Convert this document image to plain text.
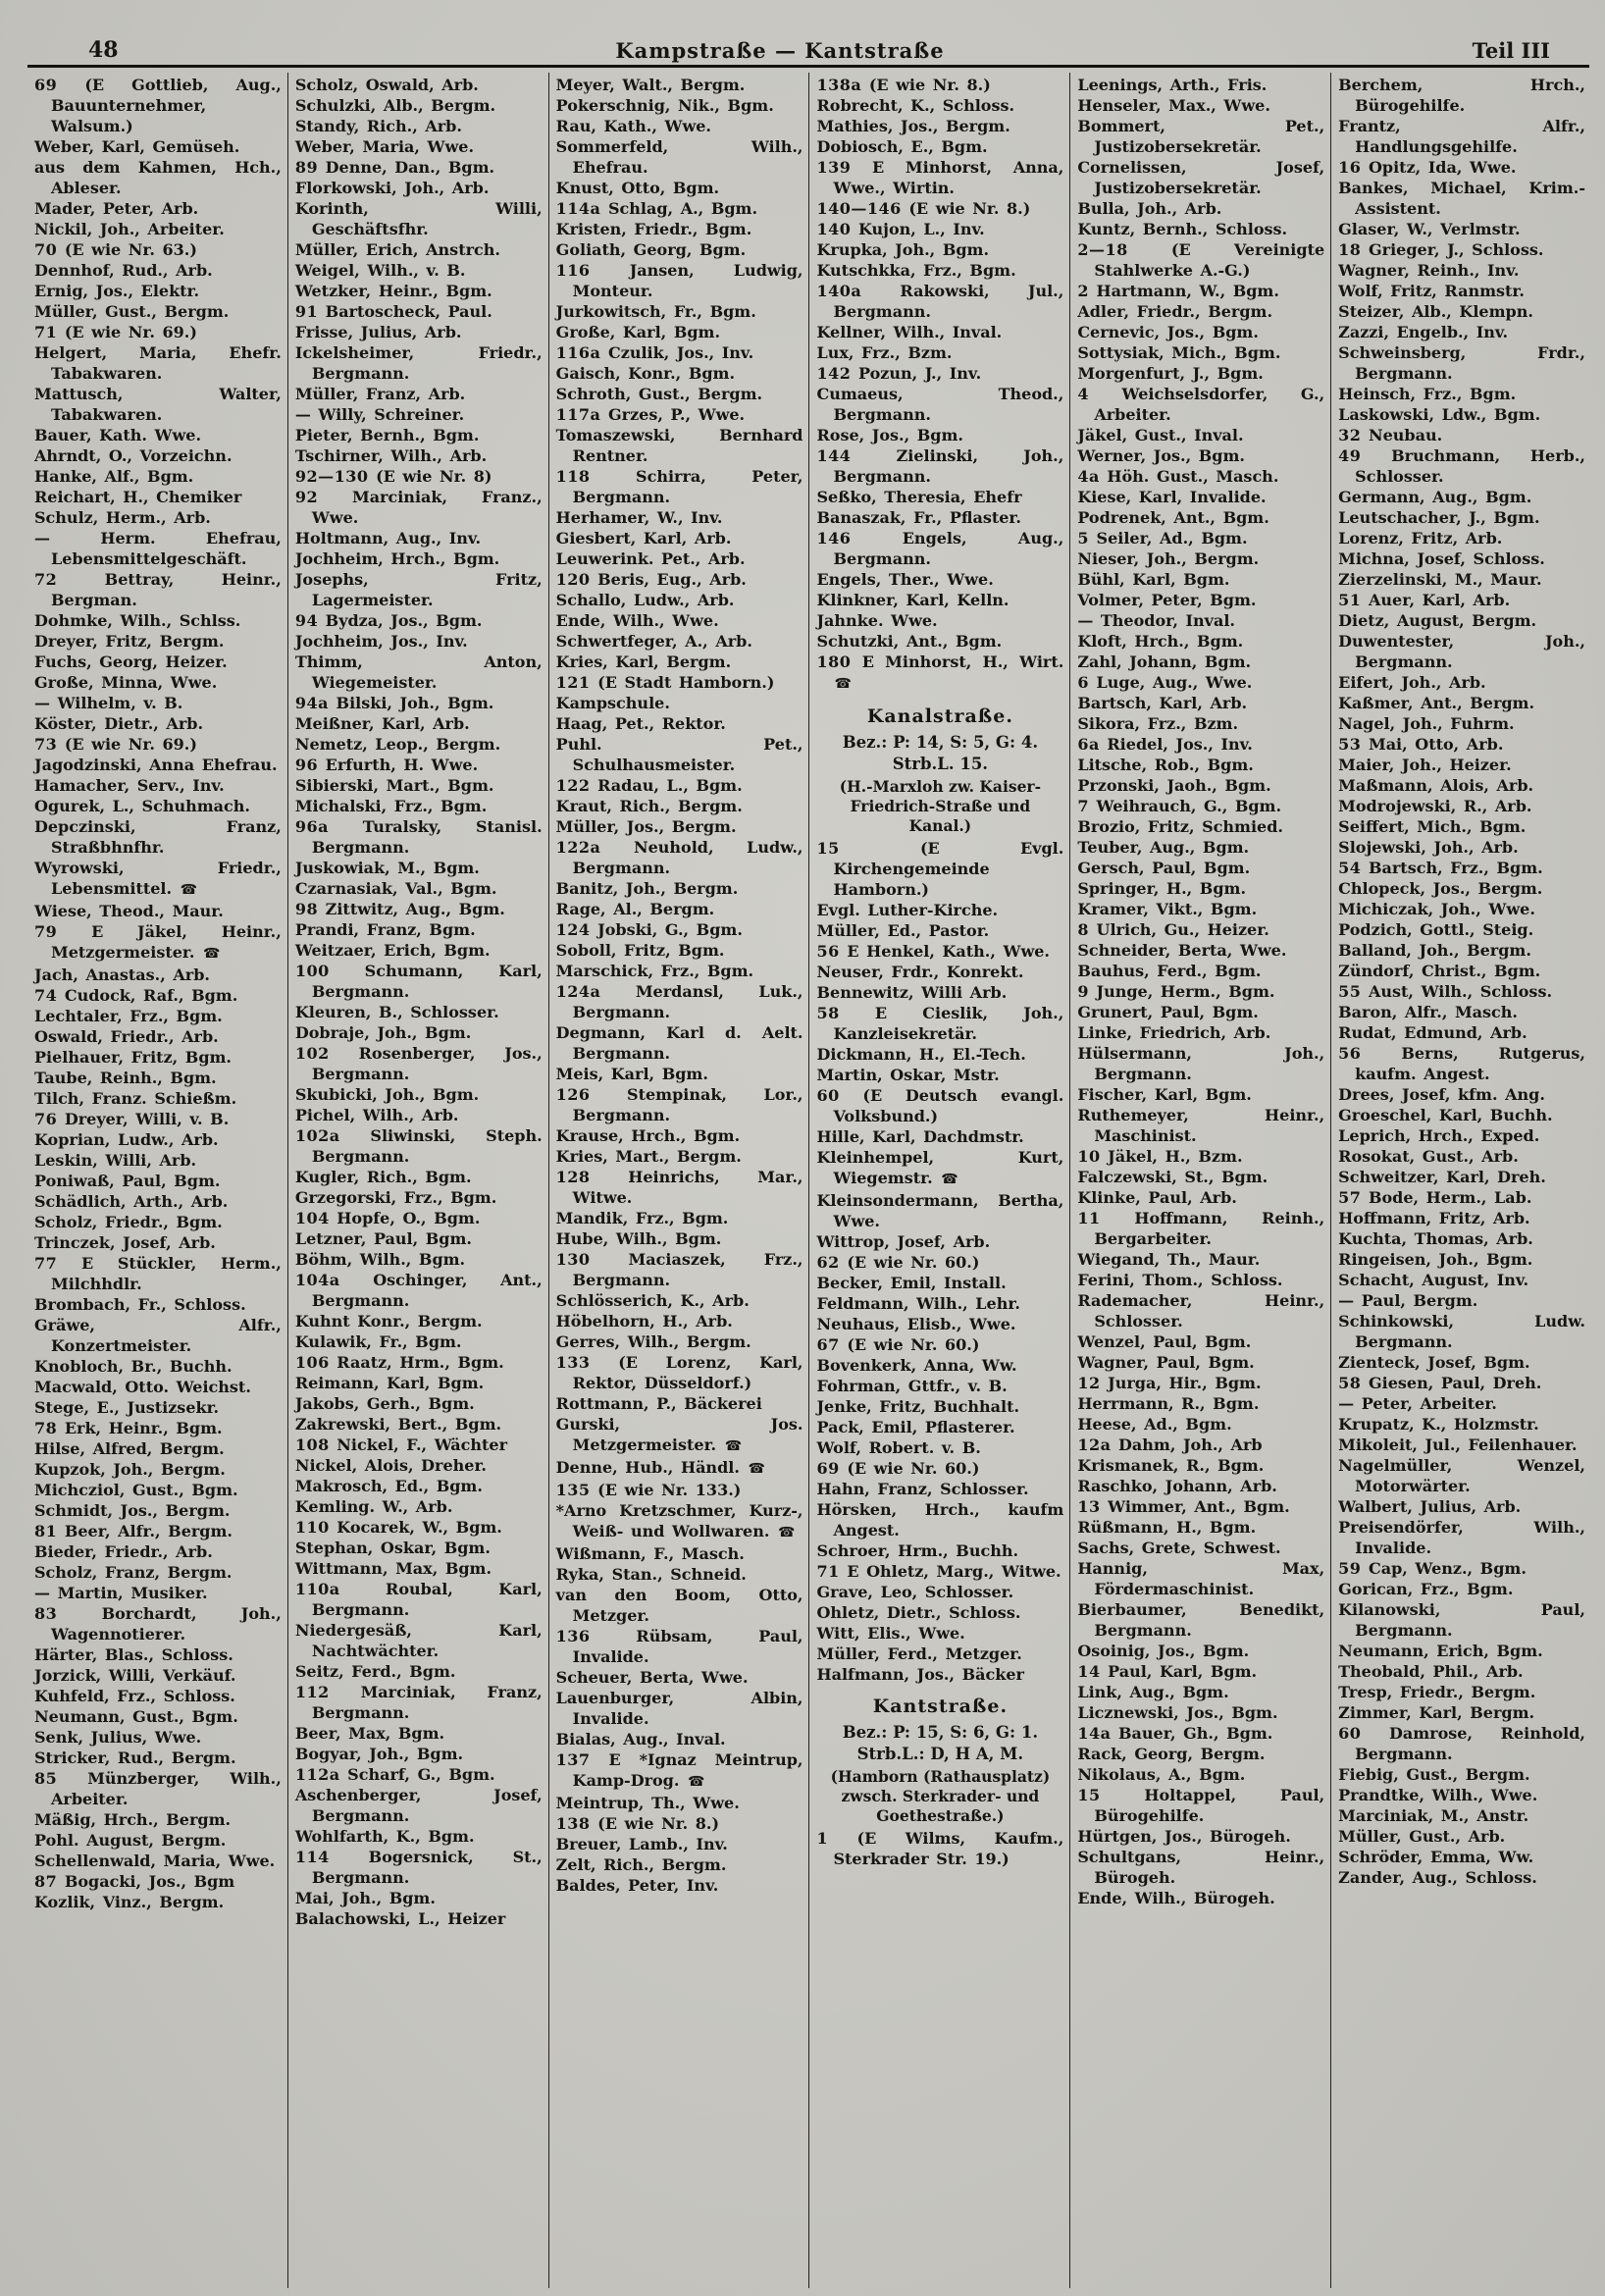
48	Kampstraße — Kantstraße	Teil III

69 (E Gottlieb, Aug., Bauunternehmer, Walsum.)

Weber, Karl, Gemüseh.

aus dem Kahmen, Hch., Ableser.

Mader, Peter, Arb.

Nickil, Joh., Arbeiter.

70 (E wie Nr. 63.)

Dennhof, Rud., Arb.

Ernig, Jos., Elektr.

Müller, Gust., Bergm.

71 (E wie Nr. 69.)

Helgert, Maria, Ehefr. Tabakwaren.

Mattusch, Walter, Tabakwaren.

Bauer, Kath. Wwe.

Ahrndt, O., Vorzeichn.

Hanke, Alf., Bgm.

Reichart, H., Chemiker

Schulz, Herm., Arb.

— Herm. Ehefrau, Lebensmittelgeschäft.

72 Bettray, Heinr., Bergman.

Dohmke, Wilh., Schlss.

Dreyer, Fritz, Bergm.

Fuchs, Georg, Heizer.

Große, Minna, Wwe.

— Wilhelm, v. B.

Köster, Dietr., Arb.

73 (E wie Nr. 69.)

Jagodzinski, Anna Ehefrau.

Hamacher, Serv., Inv.

Ogurek, L., Schuhmach.

Depczinski, Franz, Straßbhnfhr.

Wyrowski, Friedr., Lebensmittel. ☎

Wiese, Theod., Maur.

79 E Jäkel, Heinr., Metzgermeister. ☎

Jach, Anastas., Arb.

74 Cudock, Raf., Bgm.

Lechtaler, Frz., Bgm.

Oswald, Friedr., Arb.

Pielhauer, Fritz, Bgm.

Taube, Reinh., Bgm.

Tilch, Franz. Schießm.

76 Dreyer, Willi, v. B.

Koprian, Ludw., Arb.

Leskin, Willi, Arb.

Poniwaß, Paul, Bgm.

Schädlich, Arth., Arb.

Scholz, Friedr., Bgm.

Trinczek, Josef, Arb.

77 E Stückler, Herm., Milchhdlr.

Brombach, Fr., Schloss.

Gräwe, Alfr., Konzertmeister.

Knobloch, Br., Buchh.

Macwald, Otto. Weichst.

Stege, E., Justizsekr.

78 Erk, Heinr., Bgm.

Hilse, Alfred, Bergm.

Kupzok, Joh., Bergm.

Michcziol, Gust., Bgm.

Schmidt, Jos., Bergm.

81 Beer, Alfr., Bergm.

Bieder, Friedr., Arb.

Scholz, Franz, Bergm.

— Martin, Musiker.

83 Borchardt, Joh., Wagennotierer.

Härter, Blas., Schloss.

Jorzick, Willi, Verkäuf.

Kuhfeld, Frz., Schloss.

Neumann, Gust., Bgm.

Senk, Julius, Wwe.

Stricker, Rud., Bergm.

85 Münzberger, Wilh., Arbeiter.

Mäßig, Hrch., Bergm.

Pohl. August, Bergm.

Schellenwald, Maria, Wwe.

87 Bogacki, Jos., Bgm

Kozlik, Vinz., Bergm.

Scholz, Oswald, Arb.

Schulzki, Alb., Bergm.

Standy, Rich., Arb.

Weber, Maria, Wwe.

89 Denne, Dan., Bgm.

Florkowski, Joh., Arb.

Korinth, Willi, Geschäftsfhr.

Müller, Erich, Anstrch.

Weigel, Wilh., v. B.

Wetzker, Heinr., Bgm.

91 Bartoscheck, Paul.

Frisse, Julius, Arb.

Ickelsheimer, Friedr., Bergmann.

Müller, Franz, Arb.

— Willy, Schreiner.

Pieter, Bernh., Bgm.

Tschirner, Wilh., Arb.

92—130 (E wie Nr. 8)

92 Marciniak, Franz., Wwe.

Holtmann, Aug., Inv.

Jochheim, Hrch., Bgm.

Josephs, Fritz, Lagermeister.

94 Bydza, Jos., Bgm.

Jochheim, Jos., Inv.

Thimm, Anton, Wiegemeister.

94a Bilski, Joh., Bgm.

Meißner, Karl, Arb.

Nemetz, Leop., Bergm.

96 Erfurth, H. Wwe.

Sibierski, Mart., Bgm.

Michalski, Frz., Bgm.

96a Turalsky, Stanisl. Bergmann.

Juskowiak, M., Bgm.

Czarnasiak, Val., Bgm.

98 Zittwitz, Aug., Bgm.

Prandi, Franz, Bgm.

Weitzaer, Erich, Bgm.

100 Schumann, Karl, Bergmann.

Kleuren, B., Schlosser.

Dobraje, Joh., Bgm.

102 Rosenberger, Jos., Bergmann.

Skubicki, Joh., Bgm.

Pichel, Wilh., Arb.

102a Sliwinski, Steph. Bergmann.

Kugler, Rich., Bgm.

Grzegorski, Frz., Bgm.

104 Hopfe, O., Bgm.

Letzner, Paul, Bgm.

Böhm, Wilh., Bgm.

104a Oschinger, Ant., Bergmann.

Kuhnt Konr., Bergm.

Kulawik, Fr., Bgm.

106 Raatz, Hrm., Bgm.

Reimann, Karl, Bgm.

Jakobs, Gerh., Bgm.

Zakrewski, Bert., Bgm.

108 Nickel, F., Wächter

Nickel, Alois, Dreher.

Makrosch, Ed., Bgm.

Kemling. W., Arb.

110 Kocarek, W., Bgm.

Stephan, Oskar, Bgm.

Wittmann, Max, Bgm.

110a Roubal, Karl, Bergmann.

Niedergesäß, Karl, Nachtwächter.

Seitz, Ferd., Bgm.

112 Marciniak, Franz, Bergmann.

Beer, Max, Bgm.

Bogyar, Joh., Bgm.

112a Scharf, G., Bgm.

Aschenberger, Josef, Bergmann.

Wohlfarth, K., Bgm.

114 Bogersnick, St., Bergmann.

Mai, Joh., Bgm.

Balachowski, L., Heizer

Meyer, Walt., Bergm.

Pokerschnig, Nik., Bgm.

Rau, Kath., Wwe.

Sommerfeld, Wilh., Ehefrau.

Knust, Otto, Bgm.

114a Schlag, A., Bgm.

Kristen, Friedr., Bgm.

Goliath, Georg, Bgm.

116 Jansen, Ludwig, Monteur.

Jurkowitsch, Fr., Bgm.

Große, Karl, Bgm.

116a Czulik, Jos., Inv.

Gaisch, Konr., Bgm.

Schroth, Gust., Bergm.

117a Grzes, P., Wwe.

Tomaszewski, Bernhard Rentner.

118 Schirra, Peter, Bergmann.

Herhamer, W., Inv.

Giesbert, Karl, Arb.

Leuwerink. Pet., Arb.

120 Beris, Eug., Arb.

Schallo, Ludw., Arb.

Ende, Wilh., Wwe.

Schwertfeger, A., Arb.

Kries, Karl, Bergm.

121 (E Stadt Hamborn.)

Kampschule.

Haag, Pet., Rektor.

Puhl. Pet., Schulhausmeister.

122 Radau, L., Bgm.

Kraut, Rich., Bergm.

Müller, Jos., Bergm.

122a Neuhold, Ludw., Bergmann.

Banitz, Joh., Bergm.

Rage, Al., Bergm.

124 Jobski, G., Bgm.

Soboll, Fritz, Bgm.

Marschick, Frz., Bgm.

124a Merdansl, Luk., Bergmann.

Degmann, Karl d. Aelt. Bergmann.

Meis, Karl, Bgm.

126 Stempinak, Lor., Bergmann.

Krause, Hrch., Bgm.

Kries, Mart., Bergm.

128 Heinrichs, Mar., Witwe.

Mandik, Frz., Bgm.

Hube, Wilh., Bgm.

130 Maciaszek, Frz., Bergmann.

Schlösserich, K., Arb.

Höbelhorn, H., Arb.

Gerres, Wilh., Bergm.

133 (E Lorenz, Karl, Rektor, Düsseldorf.)

Rottmann, P., Bäckerei

Gurski, Jos. Metzgermeister. ☎

Denne, Hub., Händl. ☎

135 (E wie Nr. 133.)

*Arno Kretzschmer, Kurz-, Weiß- und Wollwaren. ☎

Wißmann, F., Masch.

Ryka, Stan., Schneid.

van den Boom, Otto, Metzger.

136 Rübsam, Paul, Invalide.

Scheuer, Berta, Wwe.

Lauenburger, Albin, Invalide.

Bialas, Aug., Inval.

137 E *Ignaz Meintrup, Kamp-Drog. ☎

Meintrup, Th., Wwe.

138 (E wie Nr. 8.)

Breuer, Lamb., Inv.

Zelt, Rich., Bergm.

Baldes, Peter, Inv.

138a (E wie Nr. 8.)

Robrecht, K., Schloss.

Mathies, Jos., Bergm.

Dobiosch, E., Bgm.

139 E Minhorst, Anna, Wwe., Wirtin.

140—146 (E wie Nr. 8.)

140 Kujon, L., Inv.

Krupka, Joh., Bgm.

Kutschkka, Frz., Bgm.

140a Rakowski, Jul., Bergmann.

Kellner, Wilh., Inval.

Lux, Frz., Bzm.

142 Pozun, J., Inv.

Cumaeus, Theod., Bergmann.

Rose, Jos., Bgm.

144 Zielinski, Joh., Bergmann.

Seßko, Theresia, Ehefr

Banaszak, Fr., Pflaster.

146 Engels, Aug., Bergmann.

Engels, Ther., Wwe.

Klinkner, Karl, Kelln.

Jahnke. Wwe.

Schutzki, Ant., Bgm.

180 E Minhorst, H., Wirt. ☎

Kanalstraße.

Bez.: P: 14, S: 5, G: 4.

Strb.L. 15.

(H.-Marxloh zw. Kaiser-Friedrich-Straße und Kanal.)

15 (E Evgl. Kirchengemeinde Hamborn.)

Evgl. Luther-Kirche.

Müller, Ed., Pastor.

56 E Henkel, Kath., Wwe.

Neuser, Frdr., Konrekt.

Bennewitz, Willi Arb.

58 E Cieslik, Joh., Kanzleisekretär.

Dickmann, H., El.-Tech.

Martin, Oskar, Mstr.

60 (E Deutsch evangl. Volksbund.)

Hille, Karl, Dachdmstr.

Kleinhempel, Kurt, Wiegemstr. ☎

Kleinsondermann, Bertha, Wwe.

Wittrop, Josef, Arb.

62 (E wie Nr. 60.)

Becker, Emil, Install.

Feldmann, Wilh., Lehr.

Neuhaus, Elisb., Wwe.

67 (E wie Nr. 60.)

Bovenkerk, Anna, Ww.

Fohrman, Gttfr., v. B.

Jenke, Fritz, Buchhalt.

Pack, Emil, Pflasterer.

Wolf, Robert. v. B.

69 (E wie Nr. 60.)

Hahn, Franz, Schlosser.

Hörsken, Hrch., kaufm Angest.

Schroer, Hrm., Buchh.

71 E Ohletz, Marg., Witwe.

Grave, Leo, Schlosser.

Ohletz, Dietr., Schloss.

Witt, Elis., Wwe.

Müller, Ferd., Metzger.

Halfmann, Jos., Bäcker

Kantstraße.

Bez.: P: 15, S: 6, G: 1.

Strb.L.: D, H A, M.

(Hamborn (Rathausplatz) zwsch. Sterkrader- und Goethestraße.)

1 (E Wilms, Kaufm., Sterkrader Str. 19.)

Leenings, Arth., Fris.

Henseler, Max., Wwe.

Bommert, Pet., Justizobersekretär.

Cornelissen, Josef, Justizobersekretär.

Bulla, Joh., Arb.

Kuntz, Bernh., Schloss.

2—18 (E Vereinigte Stahlwerke A.-G.)

2 Hartmann, W., Bgm.

Adler, Friedr., Bergm.

Cernevic, Jos., Bgm.

Sottysiak, Mich., Bgm.

Morgenfurt, J., Bgm.

4 Weichselsdorfer, G., Arbeiter.

Jäkel, Gust., Inval.

Werner, Jos., Bgm.

4a Höh. Gust., Masch.

Kiese, Karl, Invalide.

Podrenek, Ant., Bgm.

5 Seiler, Ad., Bgm.

Nieser, Joh., Bergm.

Bühl, Karl, Bgm.

Volmer, Peter, Bgm.

— Theodor, Inval.

Kloft, Hrch., Bgm.

Zahl, Johann, Bgm.

6 Luge, Aug., Wwe.

Bartsch, Karl, Arb.

Sikora, Frz., Bzm.

6a Riedel, Jos., Inv.

Litsche, Rob., Bgm.

Przonski, Jaoh., Bgm.

7 Weihrauch, G., Bgm.

Brozio, Fritz, Schmied.

Teuber, Aug., Bgm.

Gersch, Paul, Bgm.

Springer, H., Bgm.

Kramer, Vikt., Bgm.

8 Ulrich, Gu., Heizer.

Schneider, Berta, Wwe.

Bauhus, Ferd., Bgm.

9 Junge, Herm., Bgm.

Grunert, Paul, Bgm.

Linke, Friedrich, Arb.

Hülsermann, Joh., Bergmann.

Fischer, Karl, Bgm.

Ruthemeyer, Heinr., Maschinist.

10 Jäkel, H., Bzm.

Falczewski, St., Bgm.

Klinke, Paul, Arb.

11 Hoffmann, Reinh., Bergarbeiter.

Wiegand, Th., Maur.

Ferini, Thom., Schloss.

Rademacher, Heinr., Schlosser.

Wenzel, Paul, Bgm.

Wagner, Paul, Bgm.

12 Jurga, Hir., Bgm.

Herrmann, R., Bgm.

Heese, Ad., Bgm.

12a Dahm, Joh., Arb

Krismanek, R., Bgm.

Raschko, Johann, Arb.

13 Wimmer, Ant., Bgm.

Rüßmann, H., Bgm.

Sachs, Grete, Schwest.

Hannig, Max, Fördermaschinist.

Bierbaumer, Benedikt, Bergmann.

Osoinig, Jos., Bgm.

14 Paul, Karl, Bgm.

Link, Aug., Bgm.

Licznewski, Jos., Bgm.

14a Bauer, Gh., Bgm.

Rack, Georg, Bergm.

Nikolaus, A., Bgm.

15 Holtappel, Paul, Bürogehilfe.

Hürtgen, Jos., Bürogeh.

Schultgans, Heinr., Bürogeh.

Ende, Wilh., Bürogeh.

Berchem, Hrch., Bürogehilfe.

Frantz, Alfr., Handlungsgehilfe.

16 Opitz, Ida, Wwe.

Bankes, Michael, Krim.-Assistent.

Glaser, W., Verlmstr.

18 Grieger, J., Schloss.

Wagner, Reinh., Inv.

Wolf, Fritz, Ranmstr.

Steizer, Alb., Klempn.

Zazzi, Engelb., Inv.

Schweinsberg, Frdr., Bergmann.

Heinsch, Frz., Bgm.

Laskowski, Ldw., Bgm.

32 Neubau.

49 Bruchmann, Herb., Schlosser.

Germann, Aug., Bgm.

Leutschacher, J., Bgm.

Lorenz, Fritz, Arb.

Michna, Josef, Schloss.

Zierzelinski, M., Maur.

51 Auer, Karl, Arb.

Dietz, August, Bergm.

Duwentester, Joh., Bergmann.

Eifert, Joh., Arb.

Kaßmer, Ant., Bergm.

Nagel, Joh., Fuhrm.

53 Mai, Otto, Arb.

Maier, Joh., Heizer.

Maßmann, Alois, Arb.

Modrojewski, R., Arb.

Seiffert, Mich., Bgm.

Slojewski, Joh., Arb.

54 Bartsch, Frz., Bgm.

Chlopeck, Jos., Bergm.

Michiczak, Joh., Wwe.

Podzich, Gottl., Steig.

Balland, Joh., Bergm.

Zündorf, Christ., Bgm.

55 Aust, Wilh., Schloss.

Baron, Alfr., Masch.

Rudat, Edmund, Arb.

56 Berns, Rutgerus, kaufm. Angest.

Drees, Josef, kfm. Ang.

Groeschel, Karl, Buchh.

Leprich, Hrch., Exped.

Rosokat, Gust., Arb.

Schweitzer, Karl, Dreh.

57 Bode, Herm., Lab.

Hoffmann, Fritz, Arb.

Kuchta, Thomas, Arb.

Ringeisen, Joh., Bgm.

Schacht, August, Inv.

— Paul, Bergm.

Schinkowski, Ludw. Bergmann.

Zienteck, Josef, Bgm.

58 Giesen, Paul, Dreh.

— Peter, Arbeiter.

Krupatz, K., Holzmstr.

Mikoleit, Jul., Feilenhauer.

Nagelmüller, Wenzel, Motorwärter.

Walbert, Julius, Arb.

Preisendörfer, Wilh., Invalide.

59 Cap, Wenz., Bgm.

Gorican, Frz., Bgm.

Kilanowski, Paul, Bergmann.

Neumann, Erich, Bgm.

Theobald, Phil., Arb.

Tresp, Friedr., Bergm.

Zimmer, Karl, Bergm.

60 Damrose, Reinhold, Bergmann.

Fiebig, Gust., Bergm.

Prandtke, Wilh., Wwe.

Marciniak, M., Anstr.

Müller, Gust., Arb.

Schröder, Emma, Ww.

Zander, Aug., Schloss.
